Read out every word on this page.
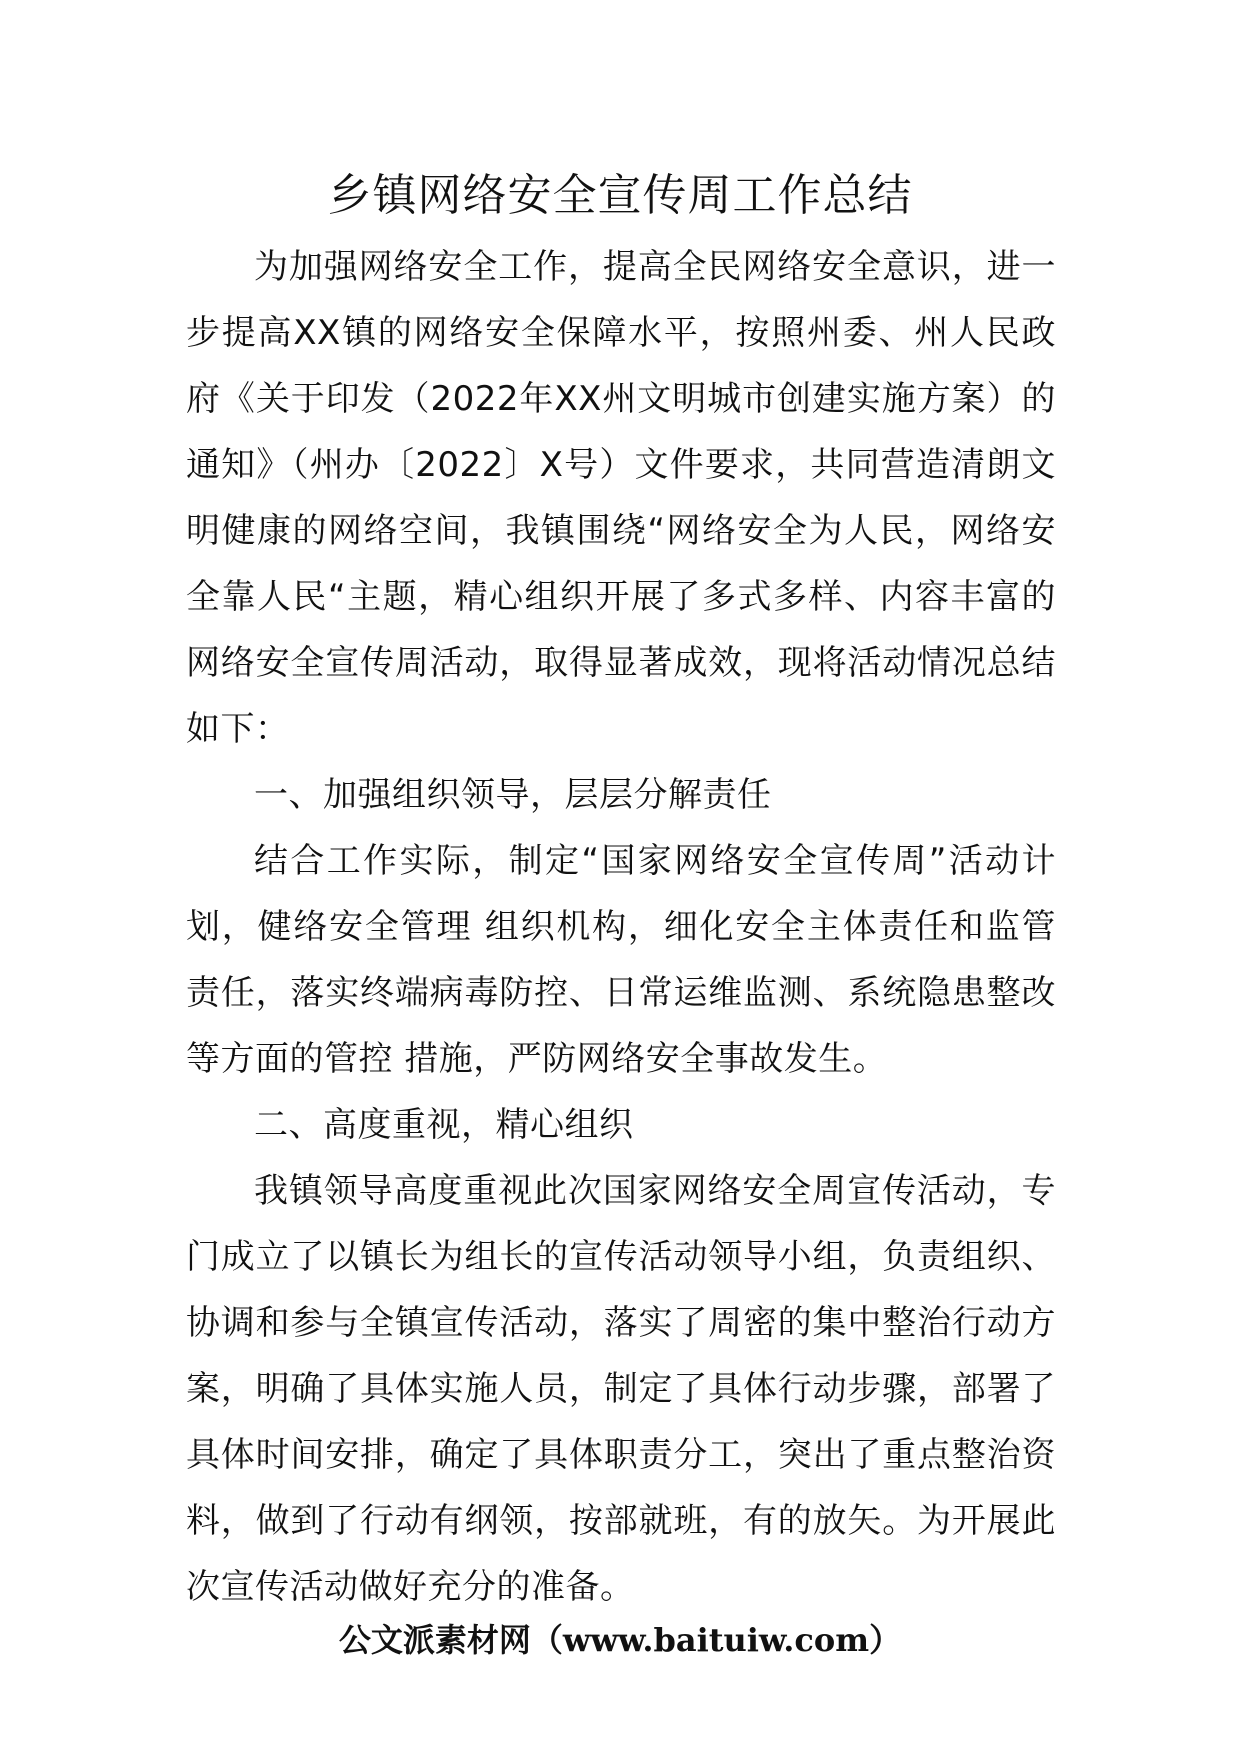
乡镇网络安全宣传周工作总结

为加强网络安全工作，提高全民网络安全意识，进一步提高XX镇的网络安全保障水平，按照州委、州人民政府《关于印发（2022年XX州文明城市创建实施方案）的通知》（州办〔2022〕X号）文件要求，共同营造清朗文明健康的网络空间，我镇围绕“网络安全为人民，网络安全靠人民“主题，精心组织开展了多式多样、内容丰富的网络安全宣传周活动，取得显著成效，现将活动情况总结如下：

一、加强组织领导，层层分解责任

结合工作实际，制定“国家网络安全宣传周”活动计划，健络安全管理 组织机构，细化安全主体责任和监管责任，落实终端病毒防控、日常运维监测、系统隐患整改等方面的管控 措施，严防网络安全事故发生。

二、高度重视，精心组织

我镇领导高度重视此次国家网络安全周宣传活动，专门成立了以镇长为组长的宣传活动领导小组，负责组织、协调和参与全镇宣传活动，落实了周密的集中整治行动方案，明确了具体实施人员，制定了具体行动步骤，部署了具体时间安排，确定了具体职责分工，突出了重点整治资料，做到了行动有纲领，按部就班，有的放矢。为开展此次宣传活动做好充分的准备。

公文派素材网（www.baituiw.com）
